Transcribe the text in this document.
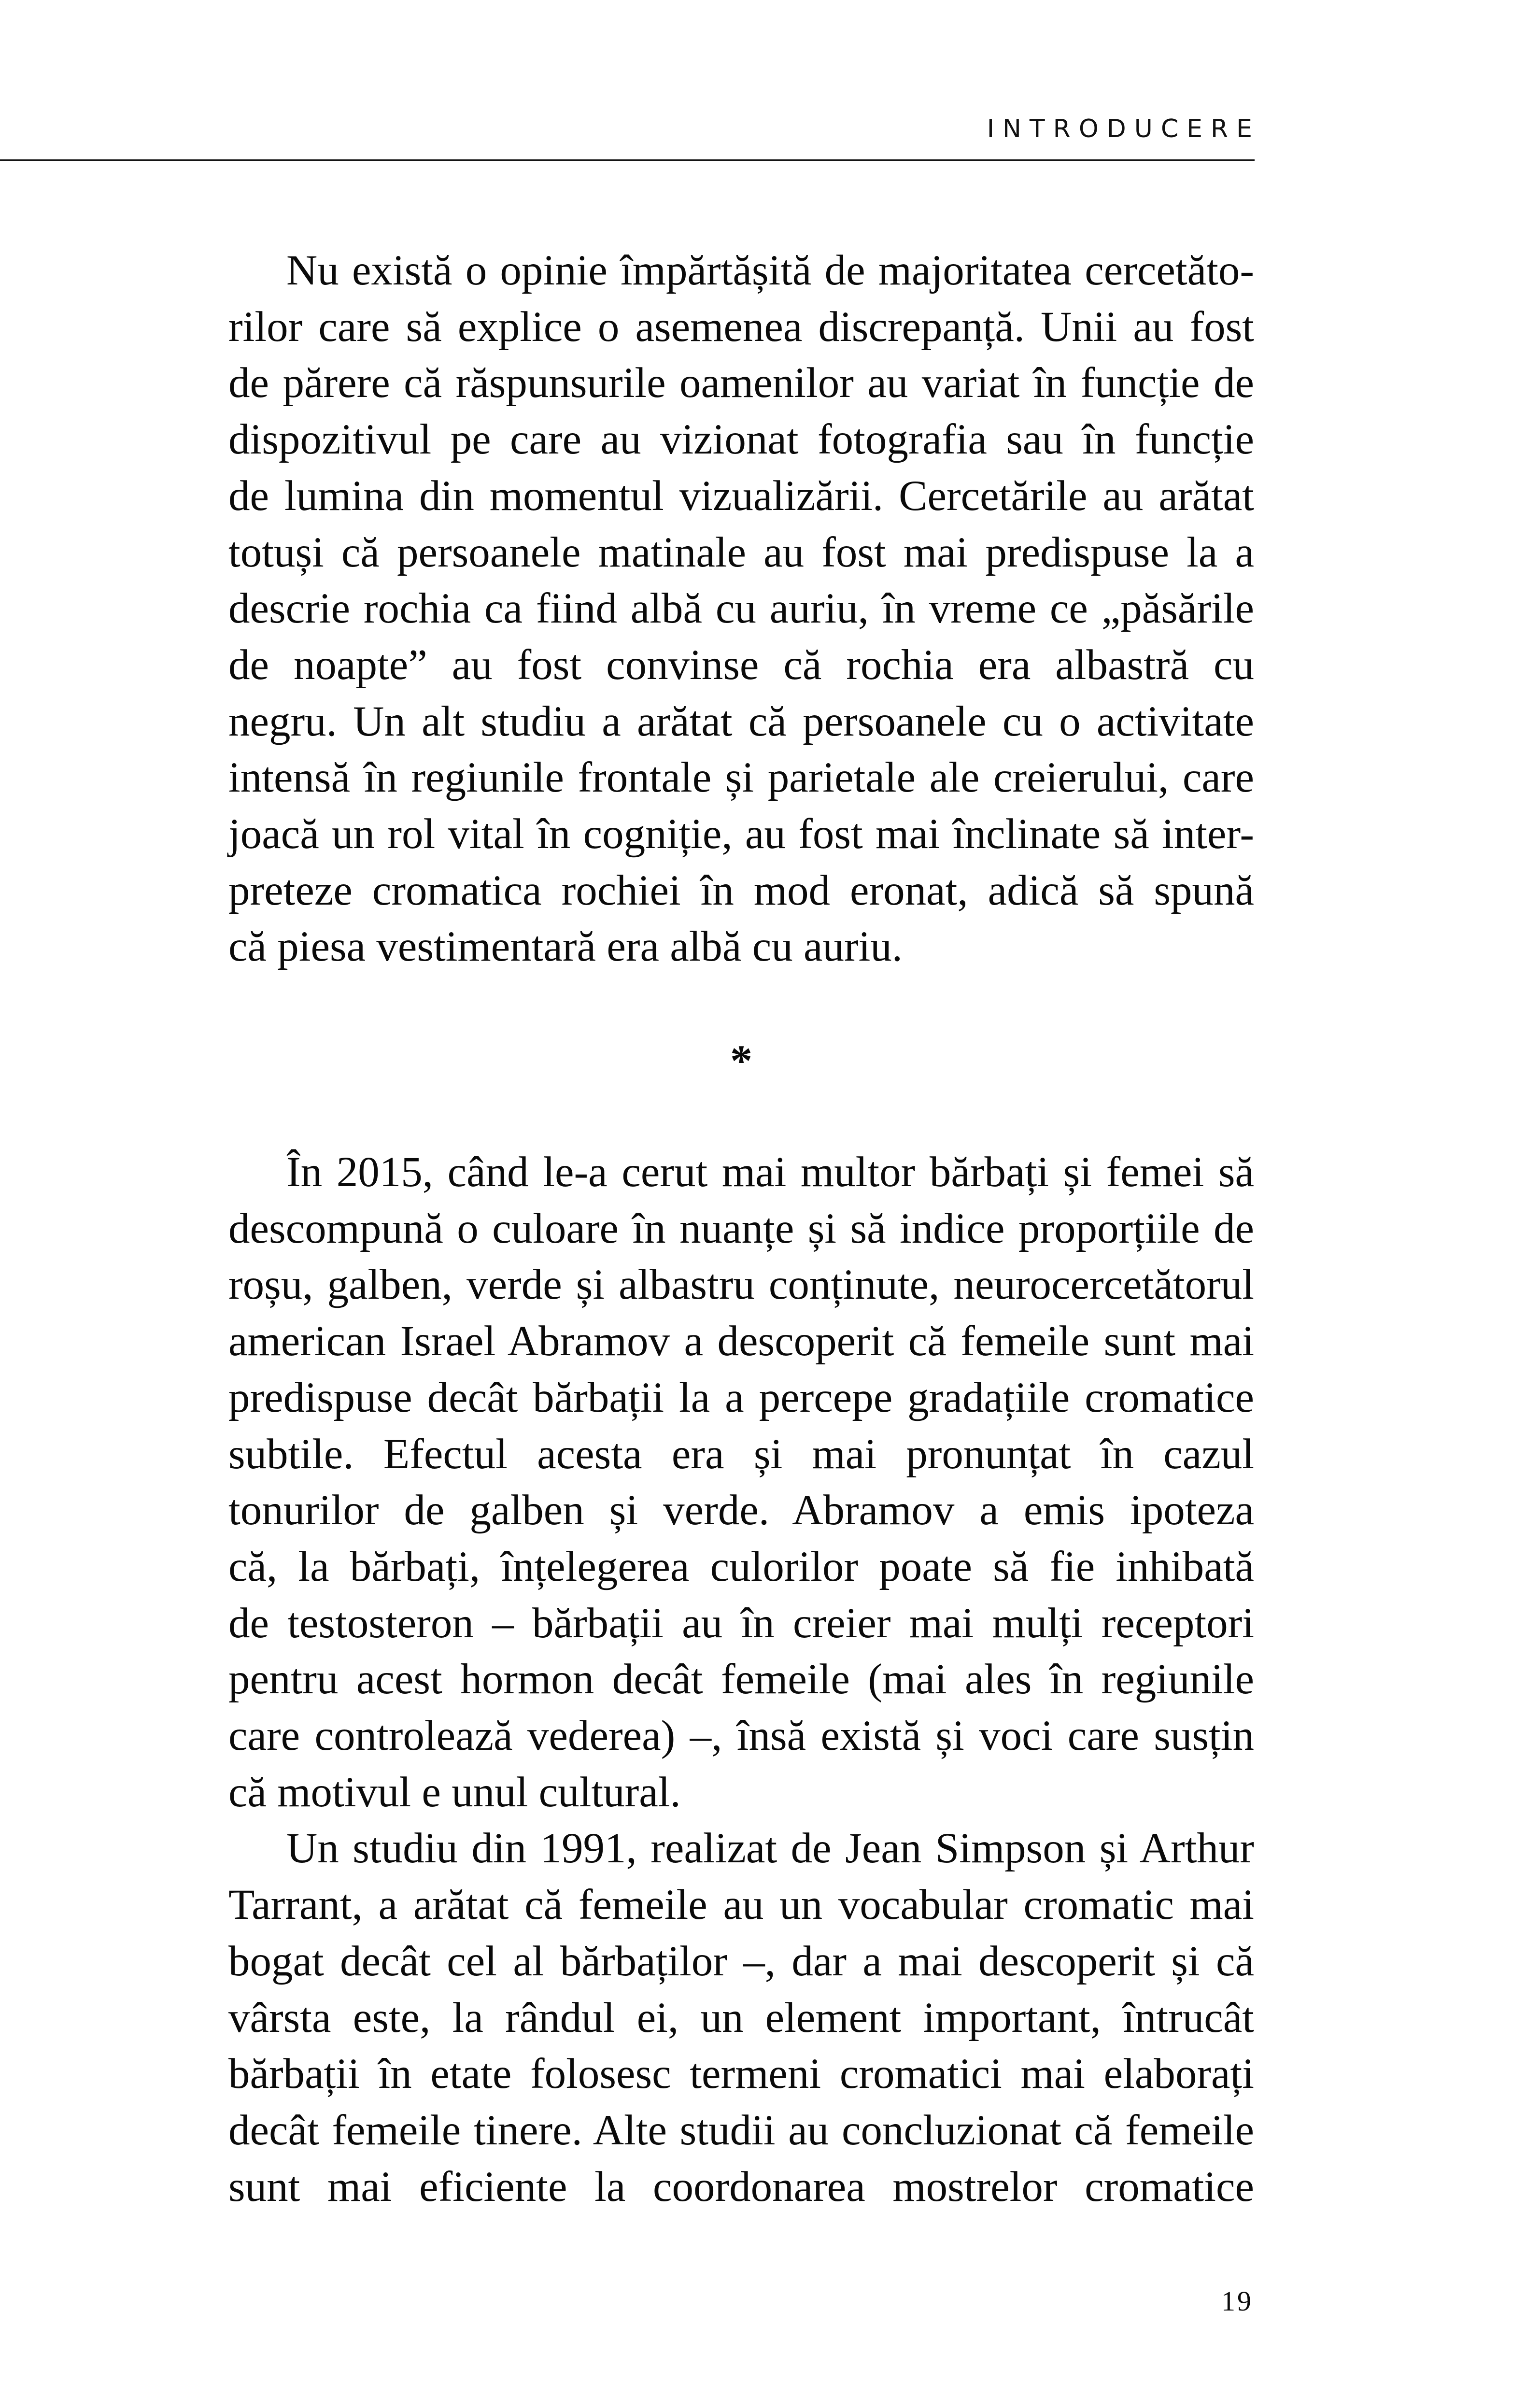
INTRODUCERE
Nu există o opinie împărtășită de majoritatea cercetăto-
rilor care să explice o asemenea discrepanță. Unii au fost
de părere că răspunsurile oamenilor au variat în funcție de
dispozitivul pe care au vizionat fotografia sau în funcție
de lumina din momentul vizualizării. Cercetările au arătat
totuși că persoanele matinale au fost mai predispuse la a
descrie rochia ca fiind albă cu auriu, în vreme ce „păsările
de noapte” au fost convinse că rochia era albastră cu
negru. Un alt studiu a arătat că persoanele cu o activitate
intensă în regiunile frontale și parietale ale creierului, care
joacă un rol vital în cogniție, au fost mai înclinate să inter-
preteze cromatica rochiei în mod eronat, adică să spună
că piesa vestimentară era albă cu auriu.
*
În 2015, când le-a cerut mai multor bărbați și femei să
descompună o culoare în nuanțe și să indice proporțiile de
roșu, galben, verde și albastru conținute, neurocercetătorul
american Israel Abramov a descoperit că femeile sunt mai
predispuse decât bărbații la a percepe gradațiile cromatice
subtile. Efectul acesta era și mai pronunțat în cazul
tonurilor de galben și verde. Abramov a emis ipoteza
că, la bărbați, înțelegerea culorilor poate să fie inhibată
de testosteron – bărbații au în creier mai mulți receptori
pentru acest hormon decât femeile (mai ales în regiunile
care controlează vederea) –, însă există și voci care susțin
că motivul e unul cultural.
Un studiu din 1991, realizat de Jean Simpson și Arthur
Tarrant, a arătat că femeile au un vocabular cromatic mai
bogat decât cel al bărbaților –, dar a mai descoperit și că
vârsta este, la rândul ei, un element important, întrucât
bărbații în etate folosesc termeni cromatici mai elaborați
decât femeile tinere. Alte studii au concluzionat că femeile
sunt mai eficiente la coordonarea mostrelor cromatice
19
